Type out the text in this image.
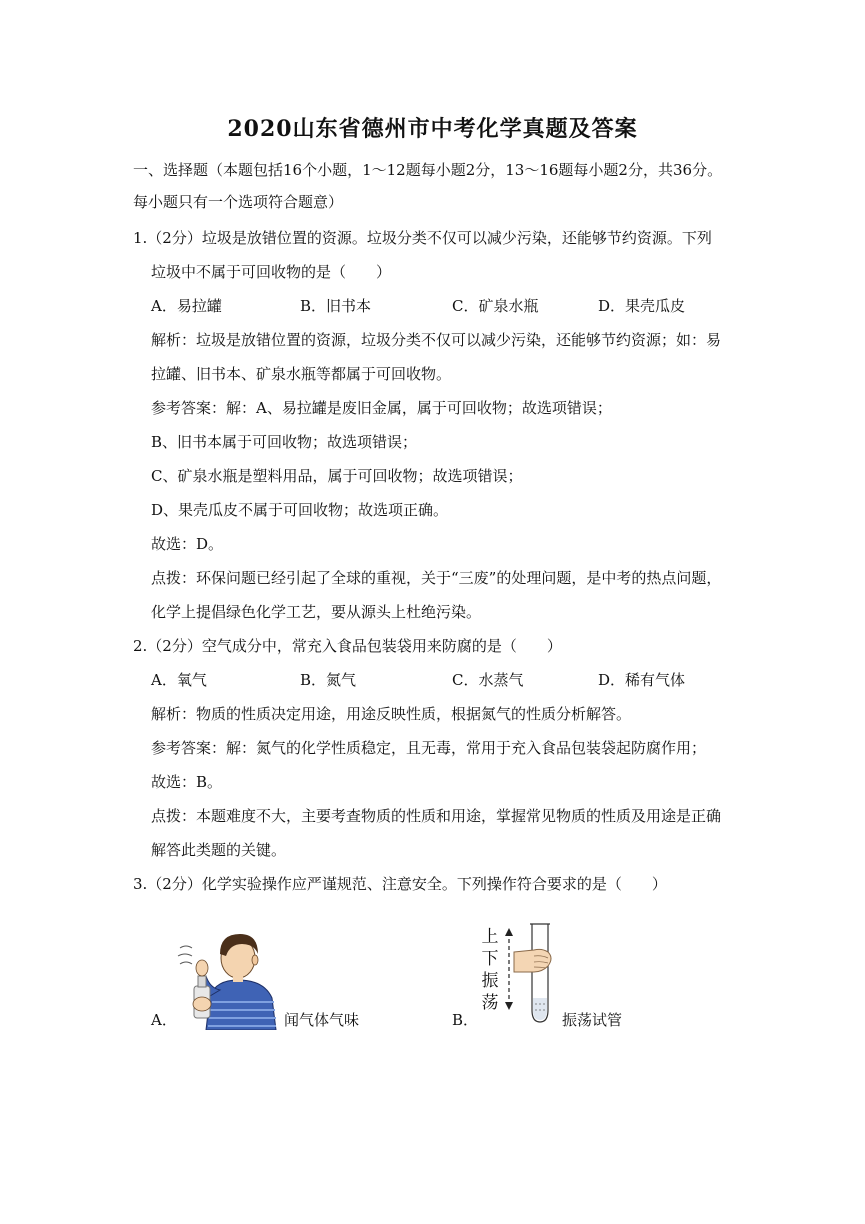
2020山东省德州市中考化学真题及答案
一、选择题（本题包括16个小题，1～12题每小题2分，13～16题每小题2分，共36分。
每小题只有一个选项符合题意）
1.（2分）垃圾是放错位置的资源。垃圾分类不仅可以减少污染，还能够节约资源。下列
垃圾中不属于可回收物的是（　　）
A．易拉罐	B．旧书本	C．矿泉水瓶	D．果壳瓜皮
解析：垃圾是放错位置的资源，垃圾分类不仅可以减少污染，还能够节约资源；如：易
拉罐、旧书本、矿泉水瓶等都属于可回收物。
参考答案：解：A、易拉罐是废旧金属，属于可回收物；故选项错误；
B、旧书本属于可回收物；故选项错误；
C、矿泉水瓶是塑料用品，属于可回收物；故选项错误；
D、果壳瓜皮不属于可回收物；故选项正确。
故选：D。
点拨：环保问题已经引起了全球的重视，关于“三废”的处理问题，是中考的热点问题，
化学上提倡绿色化学工艺，要从源头上杜绝污染。
2.（2分）空气成分中，常充入食品包装袋用来防腐的是（　　）
A．氧气	B．氮气	C．水蒸气	D．稀有气体
解析：物质的性质决定用途，用途反映性质，根据氮气的性质分析解答。
参考答案：解：氮气的化学性质稳定，且无毒，常用于充入食品包装袋起防腐作用；
故选：B。
点拨：本题难度不大，主要考查物质的性质和用途，掌握常见物质的性质及用途是正确
解答此类题的关键。
3.（2分）化学实验操作应严谨规范、注意安全。下列操作符合要求的是（　　）
A．	闻气体气味	B．
上
下
振
荡
振荡试管
